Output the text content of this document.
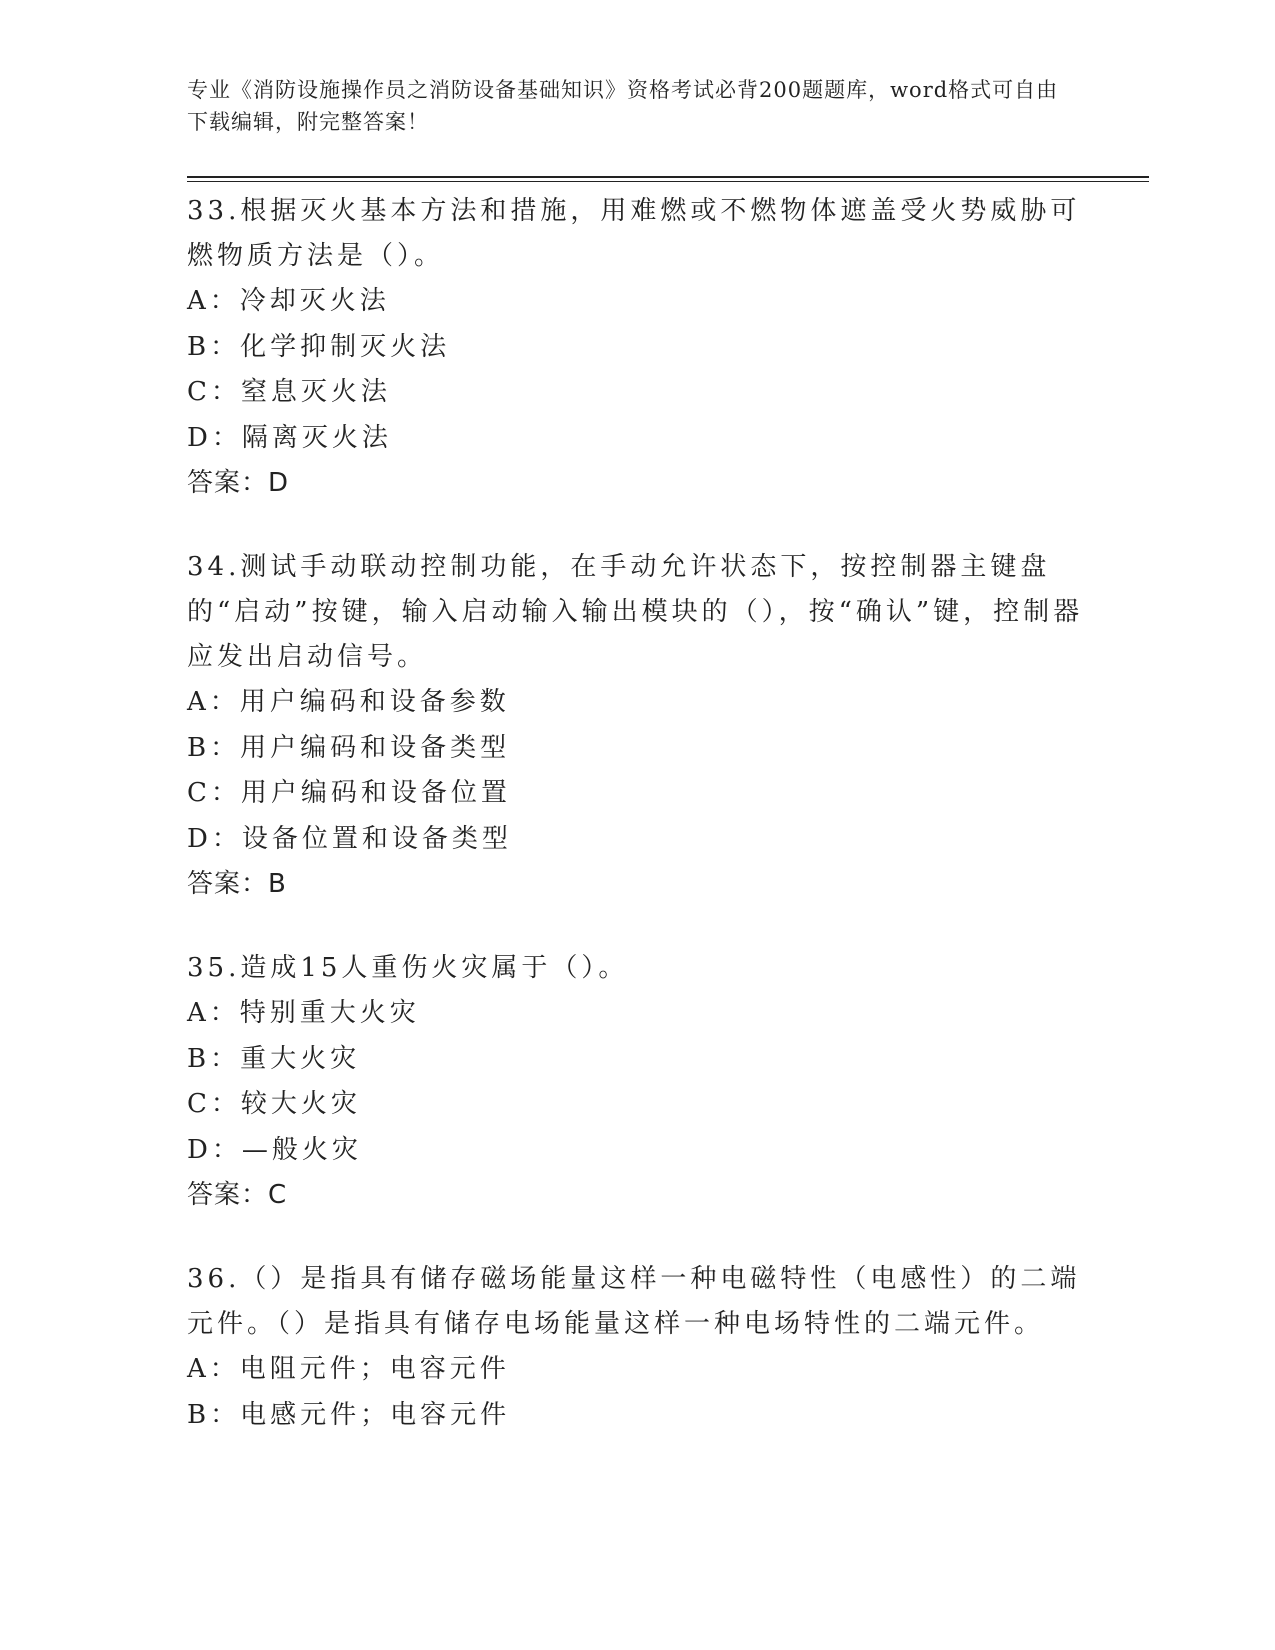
专业《消防设施操作员之消防设备基础知识》资格考试必背200题题库，word格式可自由下载编辑，附完整答案！
33.根据灭火基本方法和措施，用难燃或不燃物体遮盖受火势威胁可燃物质方法是（）。
A：冷却灭火法
B：化学抑制灭火法
C：窒息灭火法
D：隔离灭火法
答案：D
34.测试手动联动控制功能，在手动允许状态下，按控制器主键盘的“启动”按键，输入启动输入输出模块的（），按“确认”键，控制器应发出启动信号。
A：用户编码和设备参数
B：用户编码和设备类型
C：用户编码和设备位置
D：设备位置和设备类型
答案：B
35.造成15人重伤火灾属于（）。
A：特别重大火灾
B：重大火灾
C：较大火灾
D：—般火灾
答案：C
36.（）是指具有储存磁场能量这样一种电磁特性（电感性）的二端元件。（）是指具有储存电场能量这样一种电场特性的二端元件。
A：电阻元件；电容元件
B：电感元件；电容元件
